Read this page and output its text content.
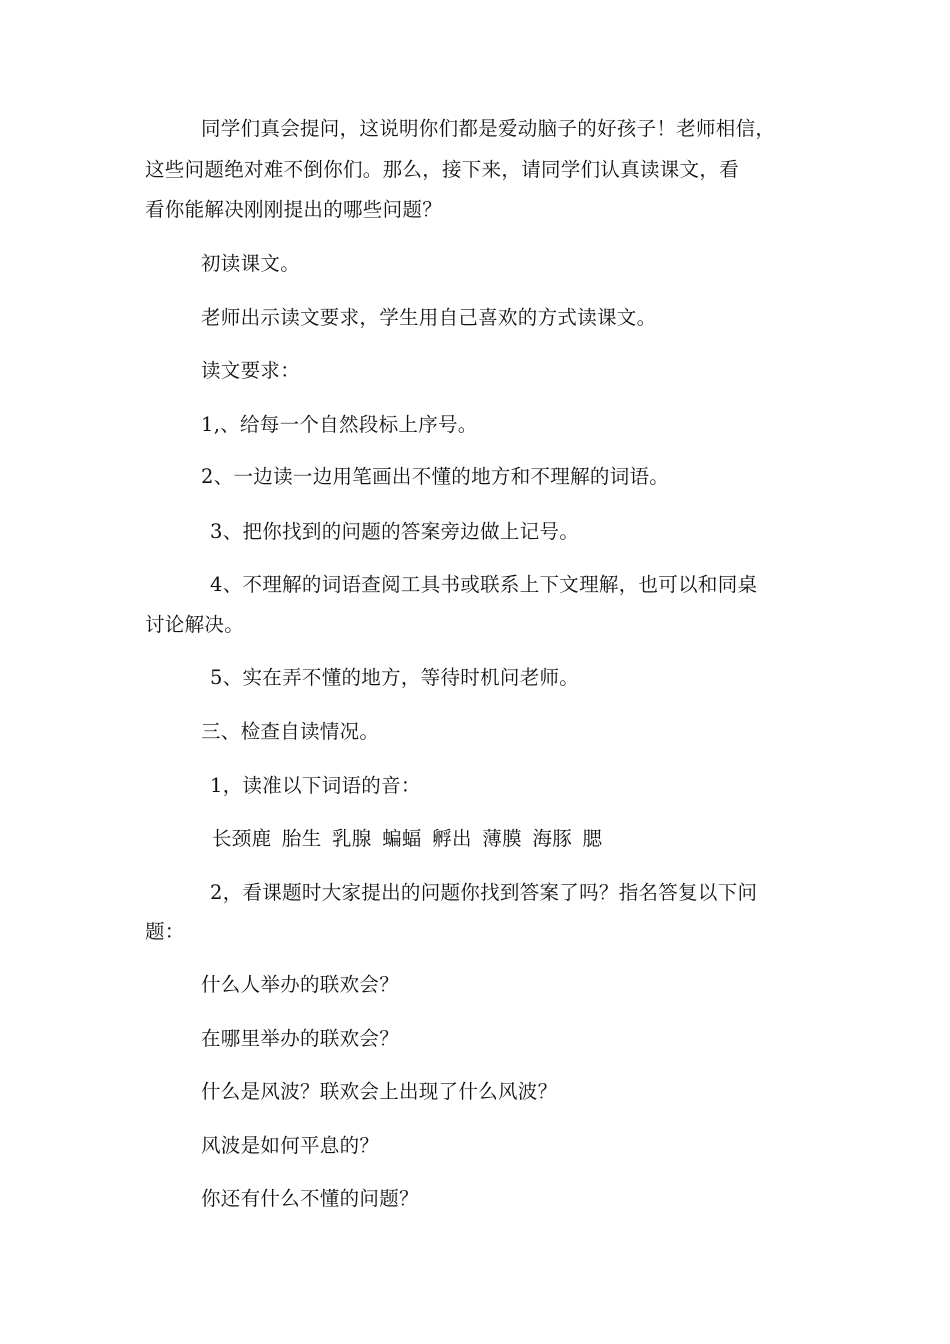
同学们真会提问，这说明你们都是爱动脑子的好孩子！老师相信，
这些问题绝对难不倒你们。那么，接下来，请同学们认真读课文，看
看你能解决刚刚提出的哪些问题？
初读课文。
老师出示读文要求，学生用自己喜欢的方式读课文。
读文要求：
1,、给每一个自然段标上序号。
2、一边读一边用笔画出不懂的地方和不理解的词语。
3、把你找到的问题的答案旁边做上记号。
4、不理解的词语查阅工具书或联系上下文理解，也可以和同桌
讨论解决。
5、实在弄不懂的地方，等待时机问老师。
三、检查自读情况。
1，读准以下词语的音：
长颈鹿 胎生 乳腺 蝙蝠 孵出 薄膜 海豚 腮
2，看课题时大家提出的问题你找到答案了吗？指名答复以下问
题：
什么人举办的联欢会？
在哪里举办的联欢会？
什么是风波？联欢会上出现了什么风波？
风波是如何平息的？
你还有什么不懂的问题？
